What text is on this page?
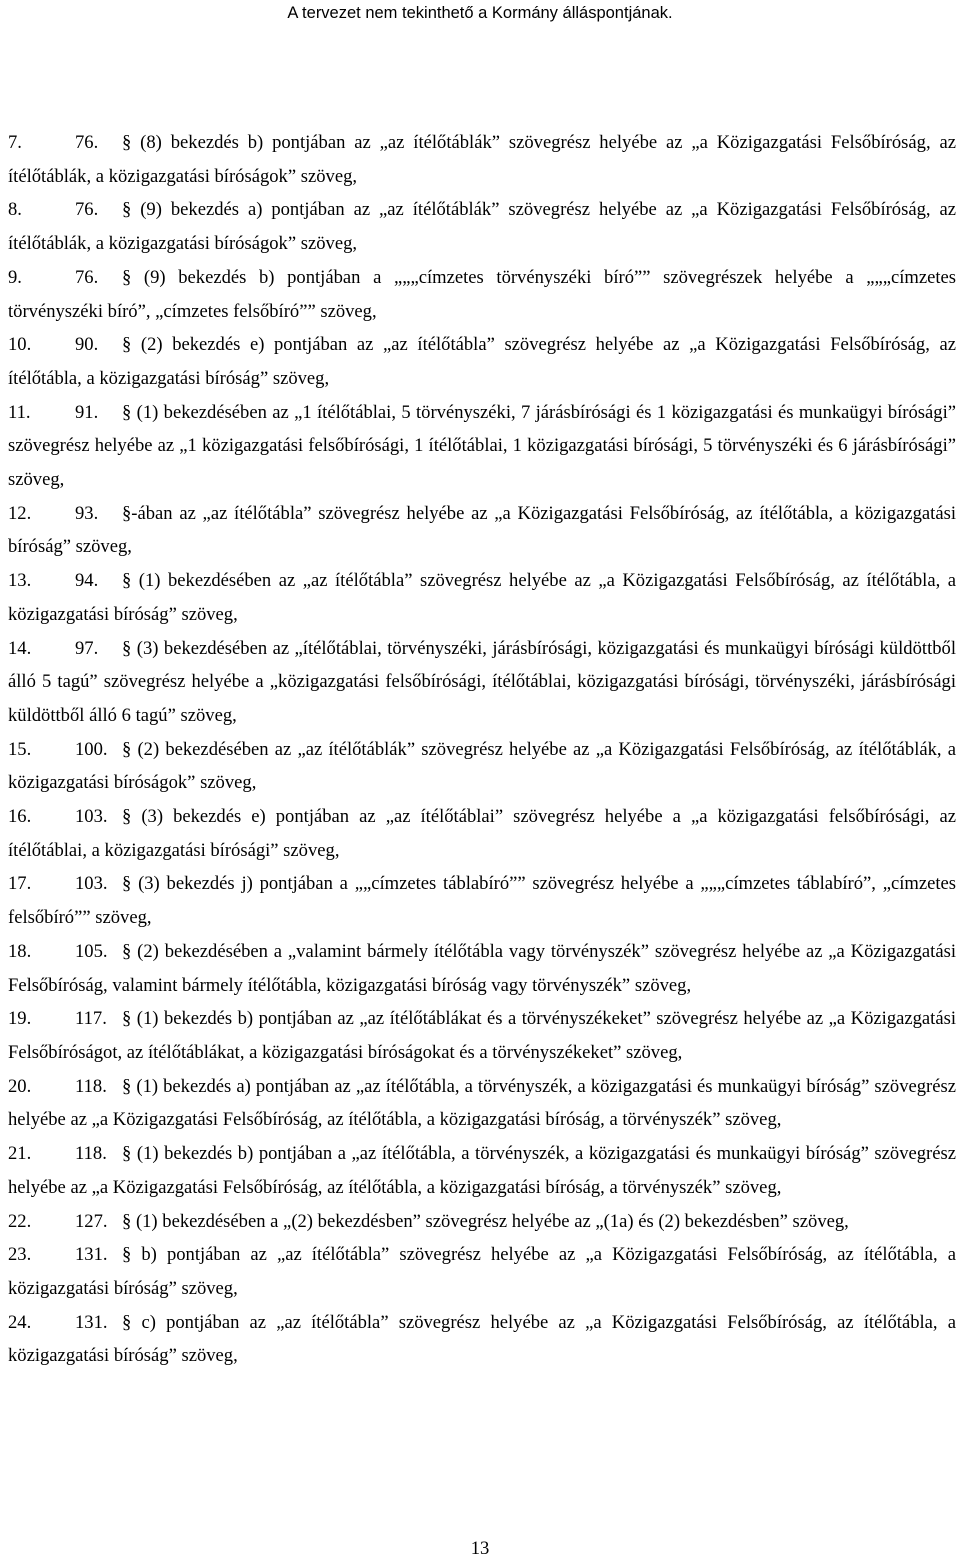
A tervezet nem tekinthető a Kormány álláspontjának.

7.	76. § (8) bekezdés b) pontjában az „az ítélőtáblák” szövegrész helyébe az „a Közigazgatási Felsőbíróság, az ítélőtáblák, a közigazgatási bíróságok” szöveg,

8.	76. § (9) bekezdés a) pontjában az „az ítélőtáblák” szövegrész helyébe az „a Közigazgatási Felsőbíróság, az ítélőtáblák, a közigazgatási bíróságok” szöveg,

9.	76. § (9) bekezdés b) pontjában a „„„címzetes törvényszéki bíró”” szövegrészek helyébe a „„„címzetes törvényszéki bíró”, „címzetes felsőbíró”” szöveg,

10. 90. § (2) bekezdés e) pontjában az „az ítélőtábla” szövegrész helyébe az „a Közigazgatási Felsőbíróság, az ítélőtábla, a közigazgatási bíróság” szöveg,

11. 91. § (1) bekezdésében az „1 ítélőtáblai, 5 törvényszéki, 7 járásbírósági és 1 közigazgatási és munkaügyi bírósági” szövegrész helyébe az „1 közigazgatási felsőbírósági, 1 ítélőtáblai, 1 közigazgatási bírósági, 5 törvényszéki és 6 járásbírósági” szöveg,

12. 93. §-ában az „az ítélőtábla” szövegrész helyébe az „a Közigazgatási Felsőbíróság, az ítélőtábla, a közigazgatási bíróság” szöveg,

13. 94. § (1) bekezdésében az „az ítélőtábla” szövegrész helyébe az „a Közigazgatási Felsőbíróság, az ítélőtábla, a közigazgatási bíróság” szöveg,

14. 97. § (3) bekezdésében az „ítélőtáblai, törvényszéki, járásbírósági, közigazgatási és munkaügyi bírósági küldöttből álló 5 tagú” szövegrész helyébe a „közigazgatási felsőbírósági, ítélőtáblai, közigazgatási bírósági, törvényszéki, járásbírósági küldöttből álló 6 tagú” szöveg,

15. 100. § (2) bekezdésében az „az ítélőtáblák” szövegrész helyébe az „a Közigazgatási Felsőbíróság, az ítélőtáblák, a közigazgatási bíróságok” szöveg,

16. 103. § (3) bekezdés e) pontjában az „az ítélőtáblai” szövegrész helyébe a „a közigazgatási felsőbírósági, az ítélőtáblai, a közigazgatási bírósági” szöveg,

17. 103. § (3) bekezdés j) pontjában a „„címzetes táblabíró”” szövegrész helyébe a „„„címzetes táblabíró”, „címzetes felsőbíró”” szöveg,

18. 105. § (2) bekezdésében a „valamint bármely ítélőtábla vagy törvényszék” szövegrész helyébe az „a Közigazgatási Felsőbíróság, valamint bármely ítélőtábla, közigazgatási bíróság vagy törvényszék” szöveg,

19. 117. § (1) bekezdés b) pontjában az „az ítélőtáblákat és a törvényszékeket” szövegrész helyébe az „a Közigazgatási Felsőbíróságot, az ítélőtáblákat, a közigazgatási bíróságokat és a törvényszékeket” szöveg,

20. 118. § (1) bekezdés a) pontjában az „az ítélőtábla, a törvényszék, a közigazgatási és munkaügyi bíróság” szövegrész helyébe az „a Közigazgatási Felsőbíróság, az ítélőtábla, a közigazgatási bíróság, a törvényszék” szöveg,

21. 118. § (1) bekezdés b) pontjában a „az ítélőtábla, a törvényszék, a közigazgatási és munkaügyi bíróság” szövegrész helyébe az „a Közigazgatási Felsőbíróság, az ítélőtábla, a közigazgatási bíróság, a törvényszék” szöveg,

22. 127. § (1) bekezdésében a „(2) bekezdésben” szövegrész helyébe az „(1a) és (2) bekezdésben” szöveg,

23. 131. § b) pontjában az „az ítélőtábla” szövegrész helyébe az „a Közigazgatási Felsőbíróság, az ítélőtábla, a közigazgatási bíróság” szöveg,

24. 131. § c) pontjában az „az ítélőtábla” szövegrész helyébe az „a Közigazgatási Felsőbíróság, az ítélőtábla, a közigazgatási bíróság” szöveg,

13
